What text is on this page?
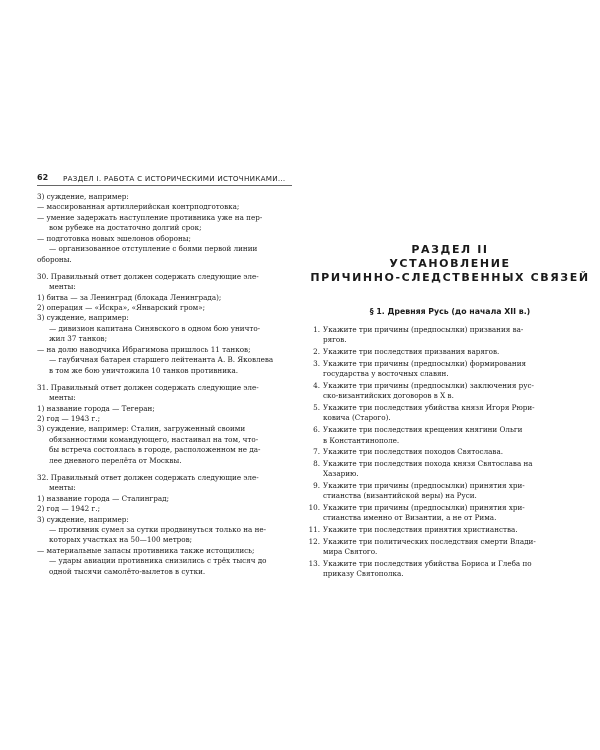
62 РАЗДЕЛ I. РАБОТА С ИСТОРИЧЕСКИМИ ИСТОЧНИКАМИ...
3) суждение, например:
— массированная артиллерийская контрподготовка;
— умение задержать наступление противника уже на пер-
вом рубеже на достаточно долгий срок;
— подготовка новых эшелонов обороны;
— организованное отступление с боями первой линии
обороны.
30. Правильный ответ должен содержать следующие эле-
менты:
1) битва — за Ленинград (блокада Ленинграда);
2) операция — «Искра», «Январский гром»;
3) суждение, например:
— дивизион капитана Синявского в одном бою уничто-
жил 37 танков;
— на долю наводчика Ибрагимова пришлось 11 танков;
— гаубичная батарея старшего лейтенанта А. В. Яковлева
в том же бою уничтожила 10 танков противника.
31. Правильный ответ должен содержать следующие эле-
менты:
1) название города — Тегеран;
2) год — 1943 г.;
3) суждение, например: Сталин, загруженный своими
обязанностями командующего, настаивал на том, что-
бы встреча состоялась в городе, расположенном не да-
лее дневного перелёта от Москвы.
32. Правильный ответ должен содержать следующие эле-
менты:
1) название города — Сталинград;
2) год — 1942 г.;
3) суждение, например:
— противник сумел за сутки продвинуться только на не-
которых участках на 50—100 метров;
— материальные запасы противника также истощились;
— удары авиации противника снизились с трёх тысяч до
одной тысячи самолёто-вылетов в сутки.
РАЗДЕЛ II
УСТАНОВЛЕНИЕ
ПРИЧИННО-СЛЕДСТВЕННЫХ СВЯЗЕЙ
§ 1. Древняя Русь (до начала XII в.)
1. Укажите три причины (предпосылки) призвания ва-
рягов.
2. Укажите три последствия призвания варягов.
3. Укажите три причины (предпосылки) формирования
государства у восточных славян.
4. Укажите три причины (предпосылки) заключения рус-
ско-византийских договоров в X в.
5. Укажите три последствия убийства князя Игоря Рюри-
ковича (Старого).
6. Укажите три последствия крещения княгини Ольги
в Константинополе.
7. Укажите три последствия походов Святослава.
8. Укажите три последствия похода князя Святослава на
Хазарию.
9. Укажите три причины (предпосылки) принятия хри-
стианства (византийской веры) на Руси.
10. Укажите три причины (предпосылки) принятия хри-
стианства именно от Византии, а не от Рима.
11. Укажите три последствия принятия христианства.
12. Укажите три политических последствия смерти Влади-
мира Святого.
13. Укажите три последствия убийства Бориса и Глеба по
приказу Святополка.
